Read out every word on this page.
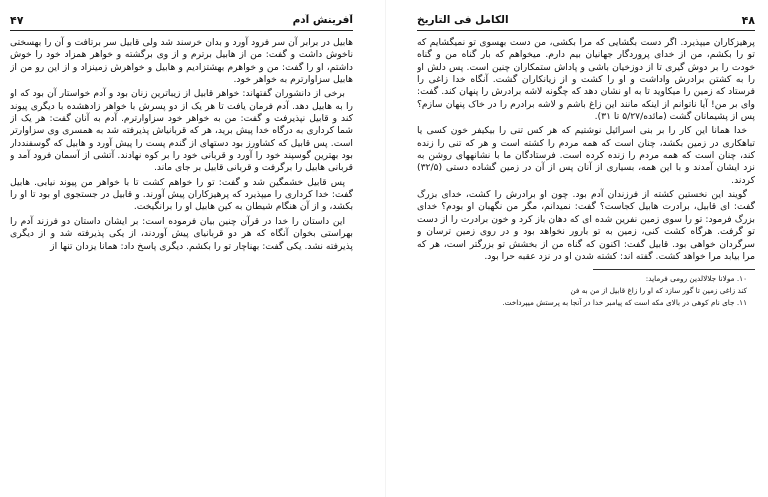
آفرینش آدم
۴۷

هابیل در برابر آن سر فرود آورد و بدان خرسند شد ولی قابیل سر برتافت و آن را بهسختی ناخوش داشت و گفت: من از هابیل برترم و از وی برگشته و خواهر همزاد خود را خوش داشتم، او را گفت: من و خواهرم بهشتزادیم و هابیل و خواهرش زمینزاد و از این رو من از هابیل سزاوارترم به خواهر خود.

برخی از دانشوران گفتهاند: خواهر قابیل از زیباترین زنان بود و آدم خواستار آن بود که او را به هابیل دهد. آدم فرمان یافت تا هر یک از دو پسرش با خواهر زادهشده با دیگری پیوند کند و قابیل نپذیرفت و گفت: من به خواهر خود سزاوارترم. آدم به آنان گفت: هر یک از شما کرداری به درگاه خدا پیش برید، هر که قربانیاش پذیرفته شد به همسری وی سزاوارتر است. پس قابیل که کشاورز بود دستهای از گندم پست را پیش آورد و هابیل که گوسفنددار بود بهترین گوسپند خود را آورد و قربانی خود را بر کوه نهادند. آتشی از آسمان فرود آمد و قربانی هابیل را برگرفت و قربانی قابیل بر جای ماند.

پس قابیل خشمگین شد و گفت: تو را خواهم کشت تا با خواهر من پیوند نیابی. هابیل گفت: خدا کرداری را میپذیرد که پرهیزکاران پیش آورند. و قابیل در جستجوی او بود تا او را بکشد، و از آن هنگام شیطان به کین هابیل او را برانگیخت.

این داستان را خدا در قرآن چنین بیان فرموده است: بر ایشان داستان دو فرزند آدم را بهراستی بخوان آنگاه که هر دو قربانیای پیش آوردند، از یکی پذیرفته شد و از دیگری پذیرفته نشد. یکی گفت: بهناچار تو را بکشم. دیگری پاسخ داد: همانا یزدان تنها از

۴۸
الکامل فی التاریخ

پرهیزکاران میپذیرد. اگر دست بگشایی که مرا بکشی، من دست بهسوی تو نمیگشایم که تو را بکشم، من از خدای پروردگار جهانیان بیم دارم. میخواهم که بار گناه من و گناه خودت را بر دوش گیری تا از دوزخیان باشی و پاداش ستمکاران چنین است. پس دلش او را به کشتن برادرش واداشت و او را کشت و از زیانکاران گشت. آنگاه خدا زاغی را فرستاد که زمین را میکاوید تا به او نشان دهد که چگونه لاشه برادرش را پنهان کند. گفت: وای بر من! آیا ناتوانم از اینکه مانند این زاغ باشم و لاشه برادرم را در خاک پنهان سازم؟ پس از پشیمانان گشت (مائده/۵/۲۷ تا ۳۱).

خدا همانا این کار را بر بنی اسرائیل نوشتیم که هر کس تنی را بیکیفر خون کسی یا تباهکاری در زمین بکشد، چنان است که همه مردم را کشته است و هر که تنی را زنده کند، چنان است که همه مردم را زنده کرده است. فرستادگان ما با نشانههای روشن به نزد ایشان آمدند و با این همه، بسیاری از آنان پس از آن در زمین گشاده دستی (۳۲/۵) کردند.

گویند این نخستین کشته از فرزندان آدم بود. چون او برادرش را کشت، خدای بزرگ گفت: ای قابیل، برادرت هابیل کجاست؟ گفت: نمیدانم، مگر من نگهبان او بودم؟ خدای بزرگ فرمود: تو را سوی زمین نفرین شده ای که دهان باز کرد و خون برادرت را از دست تو گرفت. هرگاه کشت کنی، زمین به تو بارور نخواهد بود و در روی زمین ترسان و سرگردان خواهی بود. قابیل گفت: اکنون که گناه من از بخشش تو بزرگتر است، هر که مرا بیابد مرا خواهد کشت. گفته اند: کشته شدن او در نزد عقبه حرا بود.

۱۰. مولانا جلالالدین رومی فرماید:

کند زاغی زمین تا گور سازد که او را زاغ قابیل از من به فن

۱۱. جای نام کوهی در بالای مکه است که پیامبر خدا در آنجا به پرستش میپرداخت.
